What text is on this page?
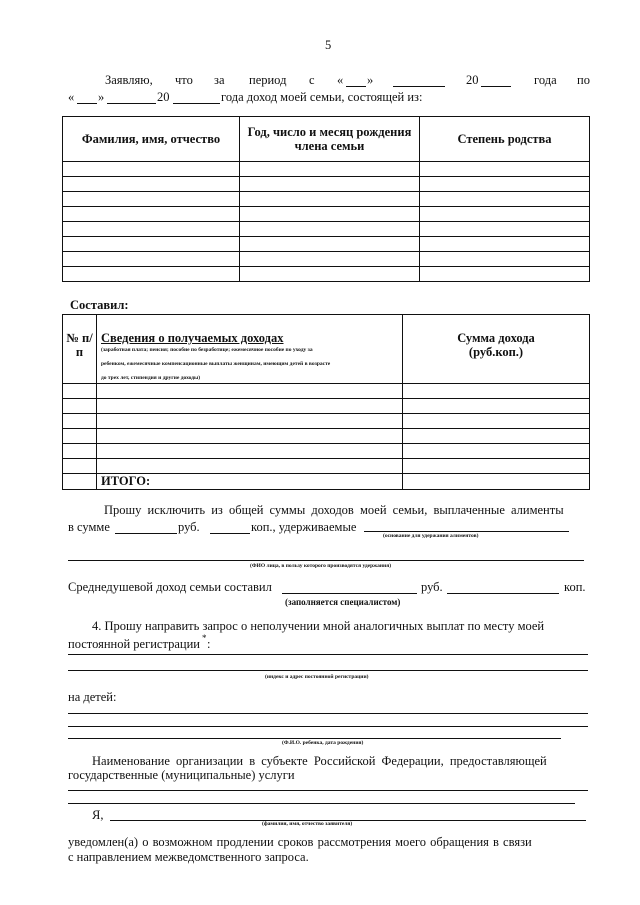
5
Заявляю, что за период с « »	20	года по
« »	20	года доход моей семьи, состоящей из:
Фамилия, имя, отчество	Год, число и месяц рождения члена семьи	Степень родства

Составил:
№ п/п	Сведения о получаемых доходах
(заработная плата; пенсия; пособие по безработице; ежемесячное пособие по уходу за
ребенком, ежемесячные компенсационные выплаты женщинам, имеющим детей в возрасте
до трех лет, стипендия и другие доходы)	Сумма дохода (руб.коп.)

	ИТОГО:	
Прошу исключить из общей суммы доходов моей семьи, выплаченные алименты
в сумме	руб.	коп., удерживаемые
(основание для удержания алиментов)
(ФИО лица, в пользу которого производятся удержания)
Среднедушевой доход семьи составил	руб.	коп.
(заполняется специалистом)
4. Прошу направить запрос о неполучении мной аналогичных выплат по месту моей
постоянной регистрации * :
(индекс и адрес постоянной регистрации)
на детей:
(Ф.И.О. ребенка, дата рождения)
Наименование организации в субъекте Российской Федерации, предоставляющей
государственные (муниципальные) услуги
Я,
(фамилия, имя, отчество заявителя)
уведомлен(а) о возможном продлении сроков рассмотрения моего обращения в связи
с направлением межведомственного запроса.
